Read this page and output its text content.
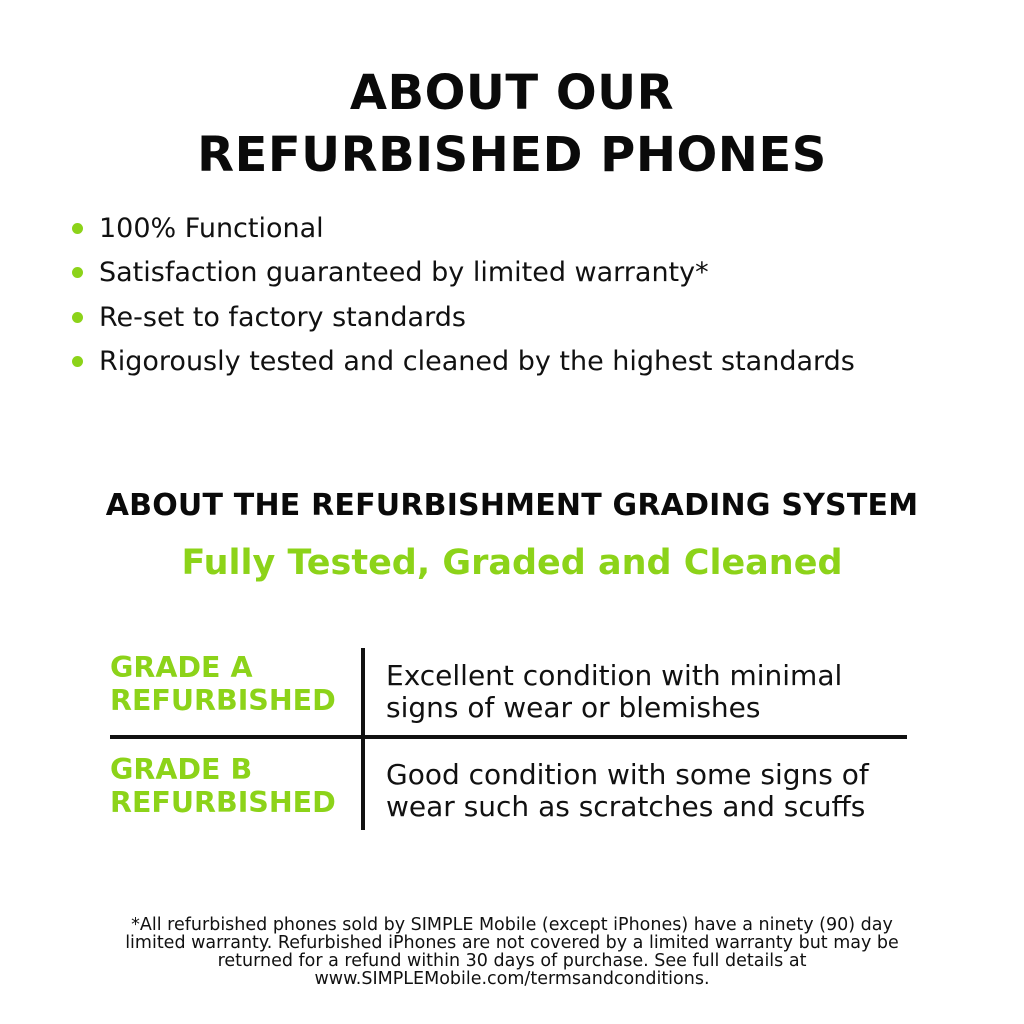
ABOUT OUR
REFURBISHED PHONES
100% Functional
Satisfaction guaranteed by limited warranty*
Re-set to factory standards
Rigorously tested and cleaned by the highest standards
ABOUT THE REFURBISHMENT GRADING SYSTEM
Fully Tested, Graded and Cleaned
GRADE A
REFURBISHED
Excellent condition with minimal
signs of wear or blemishes
GRADE B
REFURBISHED
Good condition with some signs of
wear such as scratches and scuffs
*All refurbished phones sold by SIMPLE Mobile (except iPhones) have a ninety (90) day
limited warranty. Refurbished iPhones are not covered by a limited warranty but may be
returned for a refund within 30 days of purchase. See full details at
www.SIMPLEMobile.com/termsandconditions.
